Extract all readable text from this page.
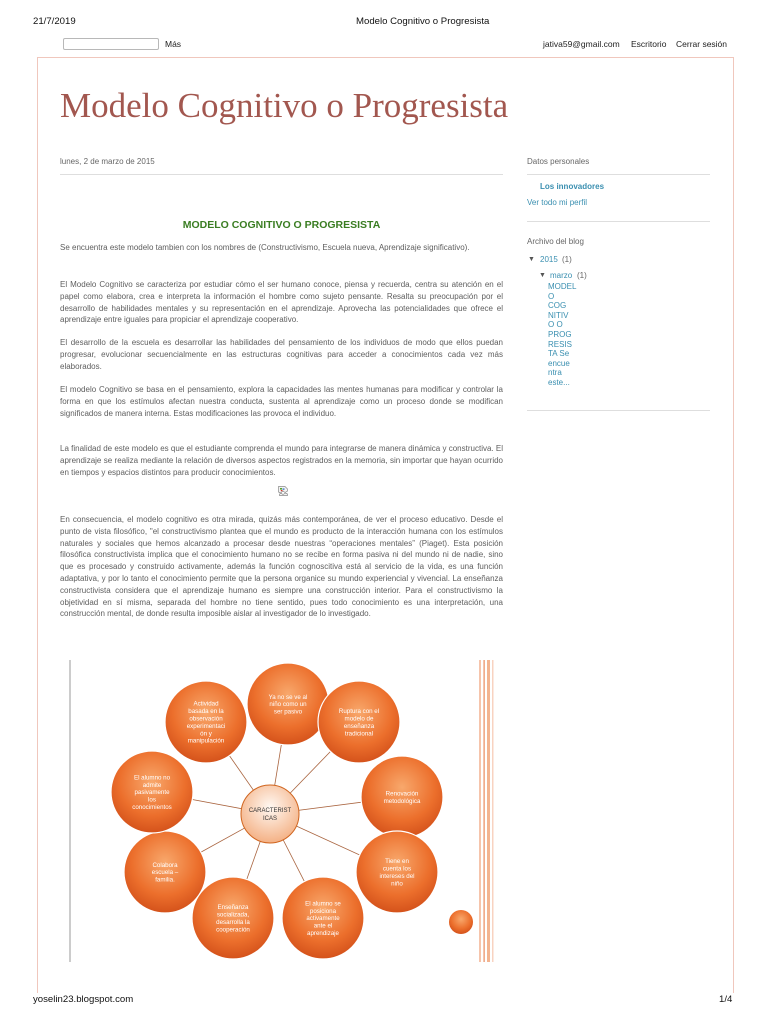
21/7/2019	Modelo Cognitivo o Progresista
Más	jativa59@gmail.com Escritorio Cerrar sesión
Modelo Cognitivo o Progresista
lunes, 2 de marzo de 2015
MODELO COGNITIVO O PROGRESISTA

Se encuentra este modelo tambien con los nombres de (Constructivismo, Escuela nueva, Aprendizaje significativo).

El Modelo Cognitivo se caracteriza por estudiar cómo el ser humano conoce, piensa y recuerda, centra su atención en el papel como elabora, crea e interpreta la información el hombre como sujeto pensante. Resalta su preocupación por el desarrollo de habilidades mentales y su representación en el aprendizaje. Aprovecha las potencialidades que ofrece el aprendizaje entre iguales para propiciar el aprendizaje cooperativo.

El desarrollo de la escuela es desarrollar las habilidades del pensamiento de los individuos de modo que ellos puedan progresar, evolucionar secuencialmente en las estructuras cognitivas para acceder a conocimientos cada vez más elaborados.

El modelo Cognitivo se basa en el pensamiento, explora la capacidades las mentes humanas para modificar y controlar la forma en que los estímulos afectan nuestra conducta, sustenta al aprendizaje como un proceso donde se modifican significados de manera interna. Estas modificaciones las provoca el individuo.

La finalidad de este modelo es que el estudiante comprenda el mundo para integrarse de manera dinámica y constructiva. El aprendizaje se realiza mediante la relación de diversos aspectos registrados en la memoria, sin importar que hayan ocurrido en tiempos y espacios distintos para producir conocimientos.

En consecuencia, el modelo cognitivo es otra mirada, quizás más contemporánea, de ver el proceso educativo. Desde el punto de vista filosófico, "el constructivismo plantea que el mundo es producto de la interacción humana con los estímulos naturales y sociales que hemos alcanzado a procesar desde nuestras “operaciones mentales” (Piaget). Esta posición filosófica constructivista implica que el conocimiento humano no se recibe en forma pasiva ni del mundo ni de nadie, sino que es procesado y construido activamente, además la función cognoscitiva está al servicio de la vida, es una función adaptativa, y por lo tanto el conocimiento permite que la persona organice su mundo experiencial y vivencial. La enseñanza constructivista considera que el aprendizaje humano es siempre una construcción interior. Para el constructivismo la objetividad en sí misma, separada del hombre no tiene sentido, pues todo conocimiento es una interpretación, una construcción mental, de donde resulta imposible aislar al investigador de lo investigado.

Ya no se ve al
niño como un
ser pasivo	Ruptura con el
modelo de
enseñanza
tradicional
Renovación
metodológica
Tiene en
cuenta los
intereses del
niño
El alumno se
posiciona
activamente
ante el
aprendizaje
Enseñanza
socializada,
desarrolla la
cooperación
Colabora
escuela –
familia.
El alumno no
admite
pasivamente
los
conocimientos
Actividad
basada en la
observación
experimentaci
ón y
manipulación
CARACTERIST
ICAS
Datos personales
Los innovadores
Ver todo mi perfil
Archivo del blog
▼ 2015 (1)
▼ marzo (1)
MODEL
O
COG
NITIV
O O
PROG
RESIS
TA Se
encue
ntra
este...
yoselin23.blogspot.com	1/4
